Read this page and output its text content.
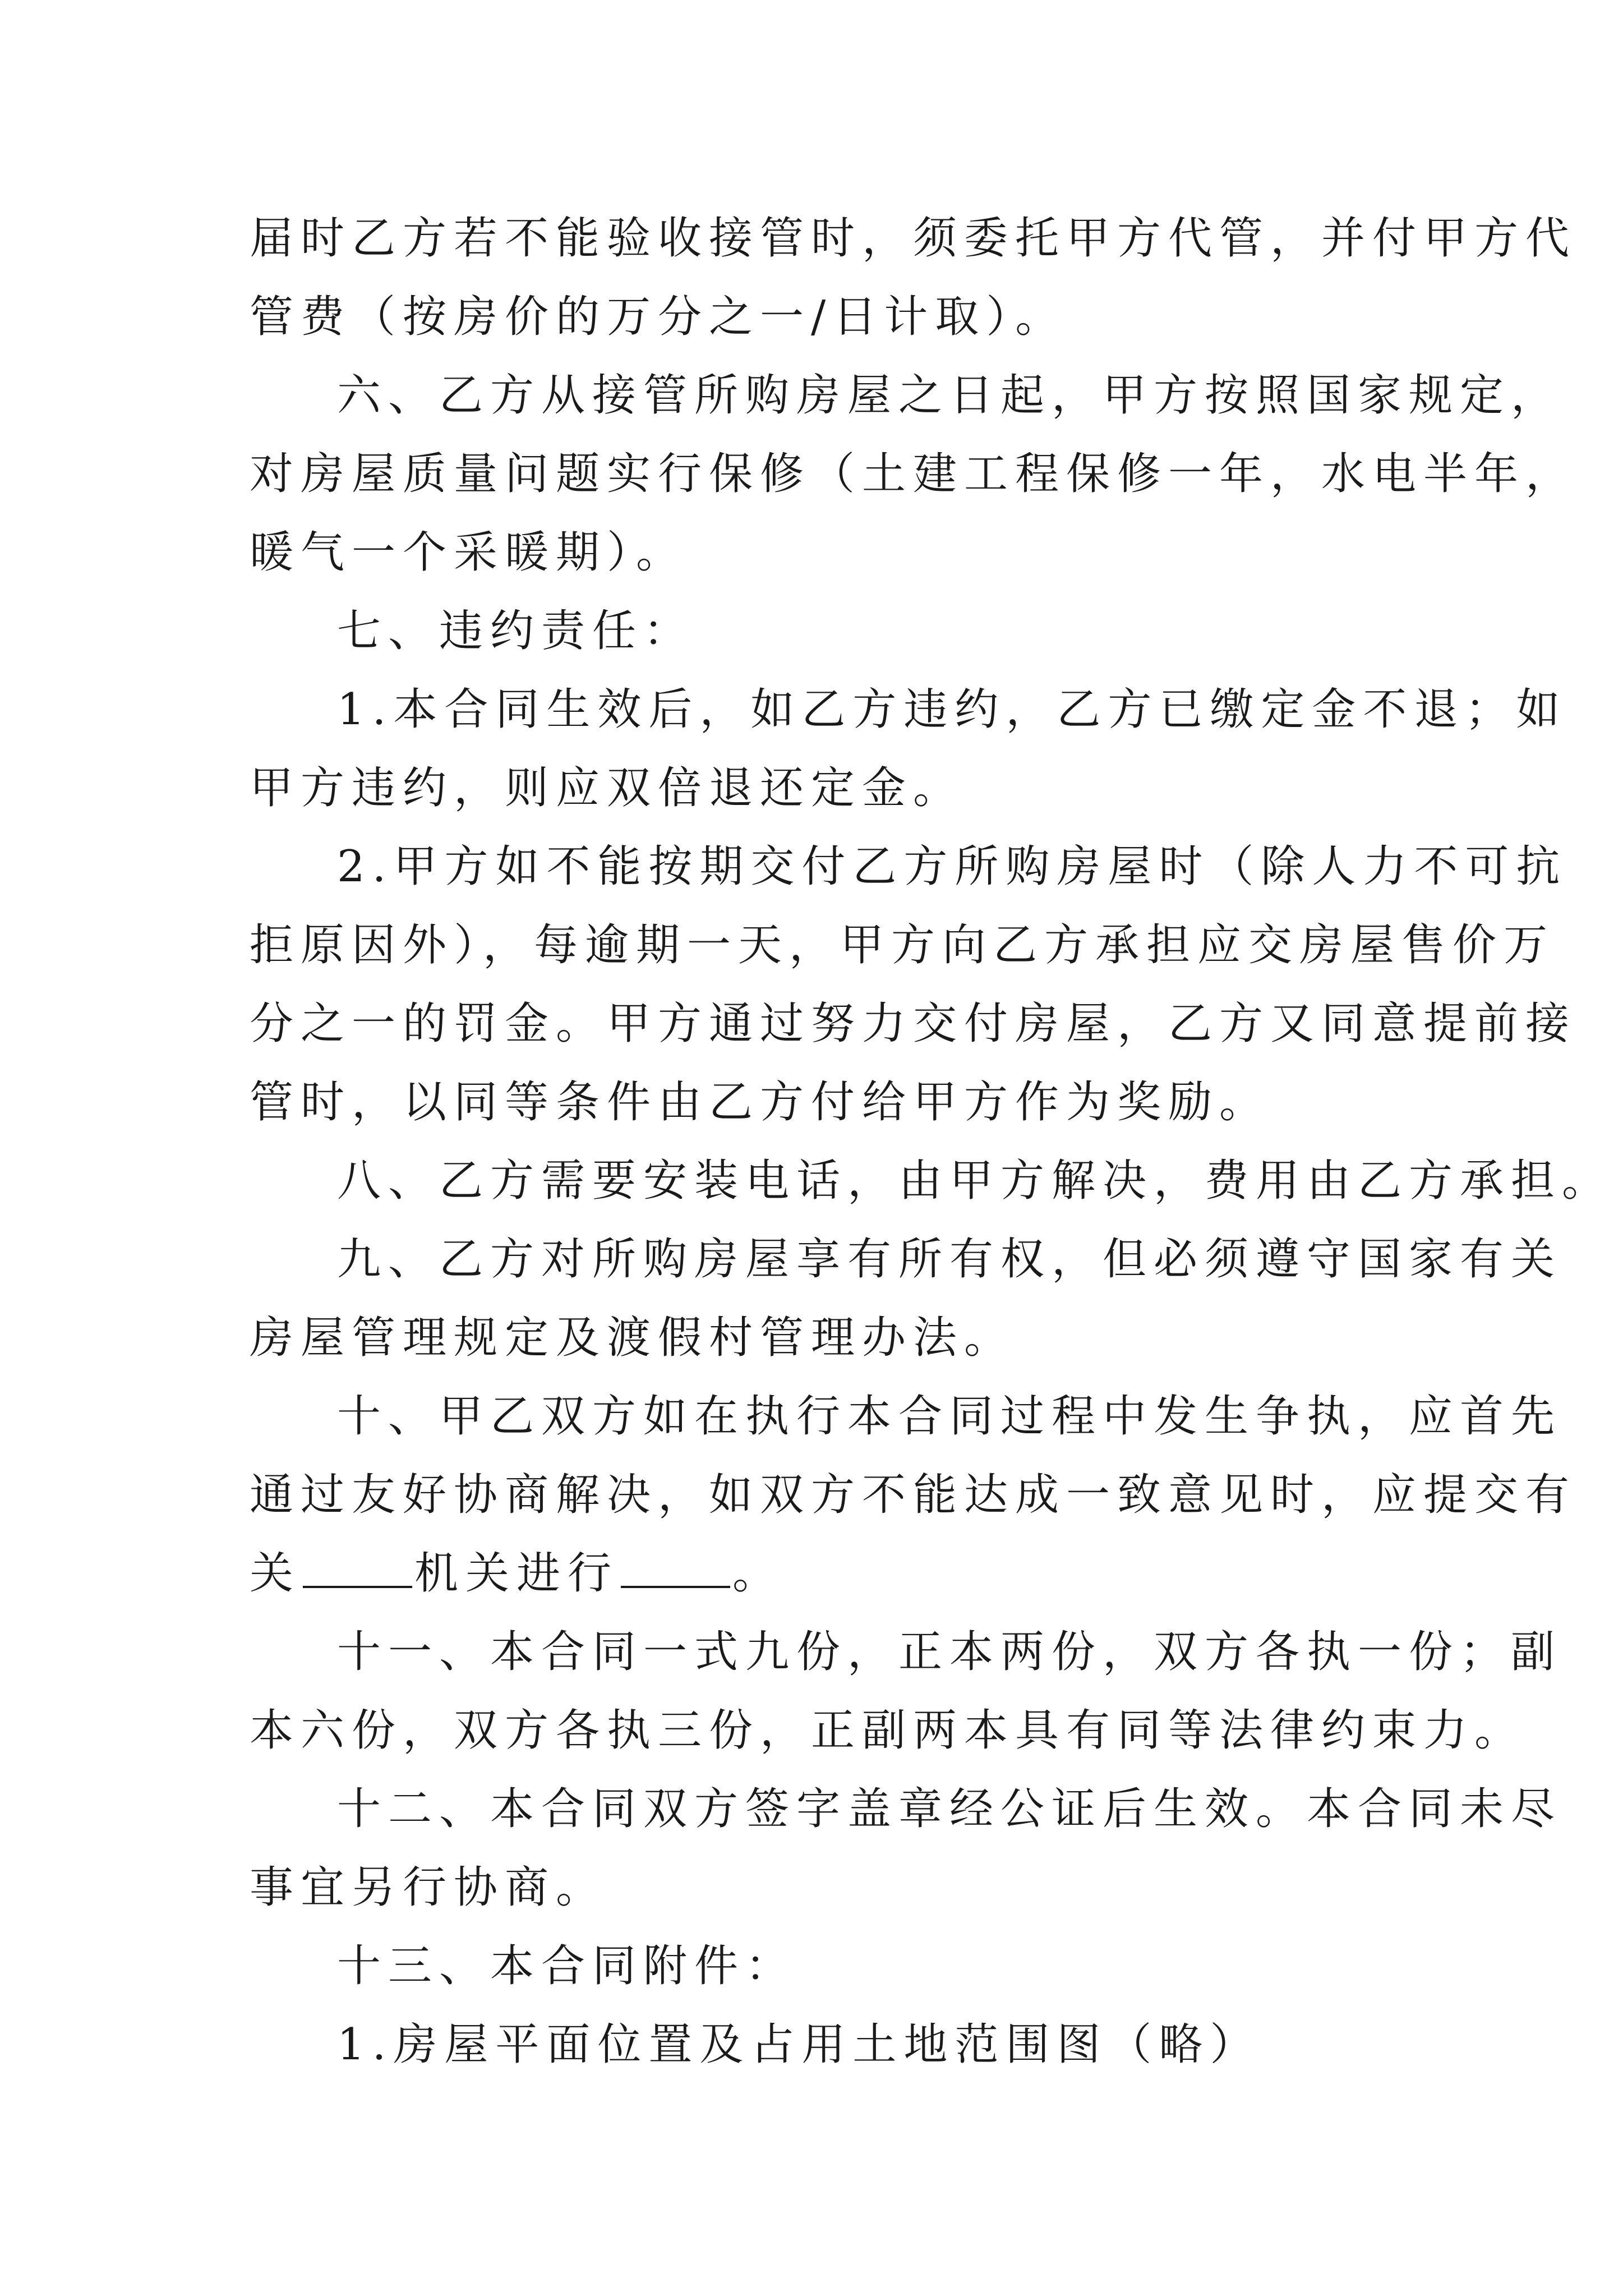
届时乙方若不能验收接管时，须委托甲方代管，并付甲方代
管费（按房价的万分之一/日计取）。
六、乙方从接管所购房屋之日起，甲方按照国家规定，
对房屋质量问题实行保修（土建工程保修一年，水电半年，
暖气一个采暖期）。
七、违约责任：
1.本合同生效后，如乙方违约，乙方已缴定金不退；如
甲方违约，则应双倍退还定金。
2.甲方如不能按期交付乙方所购房屋时（除人力不可抗
拒原因外），每逾期一天，甲方向乙方承担应交房屋售价万
分之一的罚金。甲方通过努力交付房屋，乙方又同意提前接
管时，以同等条件由乙方付给甲方作为奖励。
八、乙方需要安装电话，由甲方解决，费用由乙方承担。
九、乙方对所购房屋享有所有权，但必须遵守国家有关
房屋管理规定及渡假村管理办法。
十、甲乙双方如在执行本合同过程中发生争执，应首先
通过友好协商解决，如双方不能达成一致意见时，应提交有
关	机关进行	。
十一、本合同一式九份，正本两份，双方各执一份；副
本六份，双方各执三份，正副两本具有同等法律约束力。
十二、本合同双方签字盖章经公证后生效。本合同未尽
事宜另行协商。
十三、本合同附件：
1.房屋平面位置及占用土地范围图（略）
